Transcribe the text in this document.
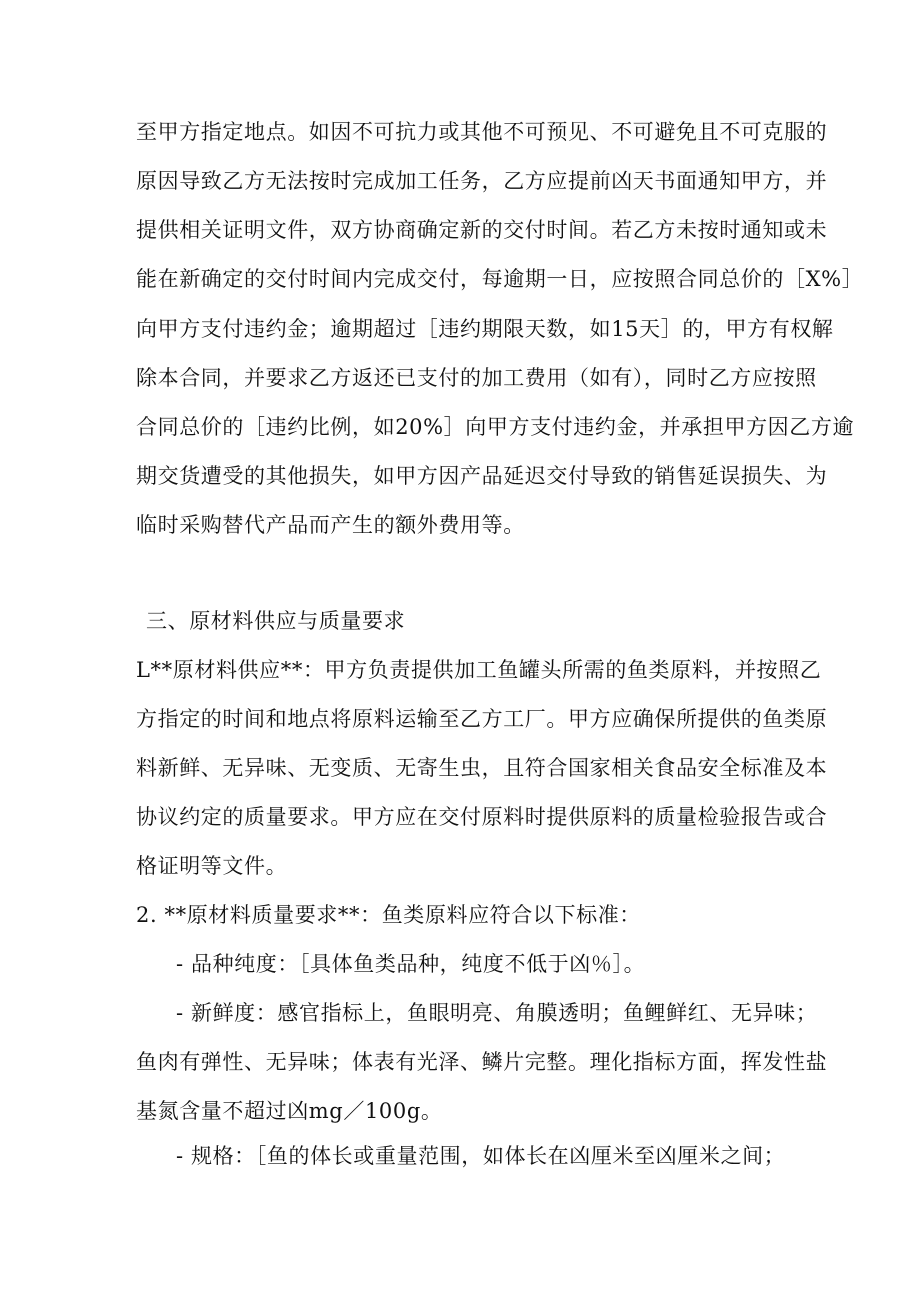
至甲方指定地点。如因不可抗力或其他不可预见、不可避免且不可克服的
原因导致乙方无法按时完成加工任务，乙方应提前凶天书面通知甲方，并
提供相关证明文件，双方协商确定新的交付时间。若乙方未按时通知或未
能在新确定的交付时间内完成交付，每逾期一日，应按照合同总价的［X%］
向甲方支付违约金；逾期超过［违约期限天数，如15天］的，甲方有权解
除本合同，并要求乙方返还已支付的加工费用（如有），同时乙方应按照
合同总价的［违约比例，如20%］向甲方支付违约金，并承担甲方因乙方逾
期交货遭受的其他损失，如甲方因产品延迟交付导致的销售延误损失、为
临时采购替代产品而产生的额外费用等。
三、原材料供应与质量要求
L**原材料供应**：甲方负责提供加工鱼罐头所需的鱼类原料，并按照乙
方指定的时间和地点将原料运输至乙方工厂。甲方应确保所提供的鱼类原
料新鲜、无异味、无变质、无寄生虫，且符合国家相关食品安全标准及本
协议约定的质量要求。甲方应在交付原料时提供原料的质量检验报告或合
格证明等文件。
2. **原材料质量要求**：鱼类原料应符合以下标准：
- 品种纯度：［具体鱼类品种，纯度不低于凶％］。
- 新鲜度：感官指标上，鱼眼明亮、角膜透明；鱼鲤鲜红、无异味；
鱼肉有弹性、无异味；体表有光泽、鳞片完整。理化指标方面，挥发性盐
基氮含量不超过凶mg／100g。
- 规格：［鱼的体长或重量范围，如体长在凶厘米至凶厘米之间；
